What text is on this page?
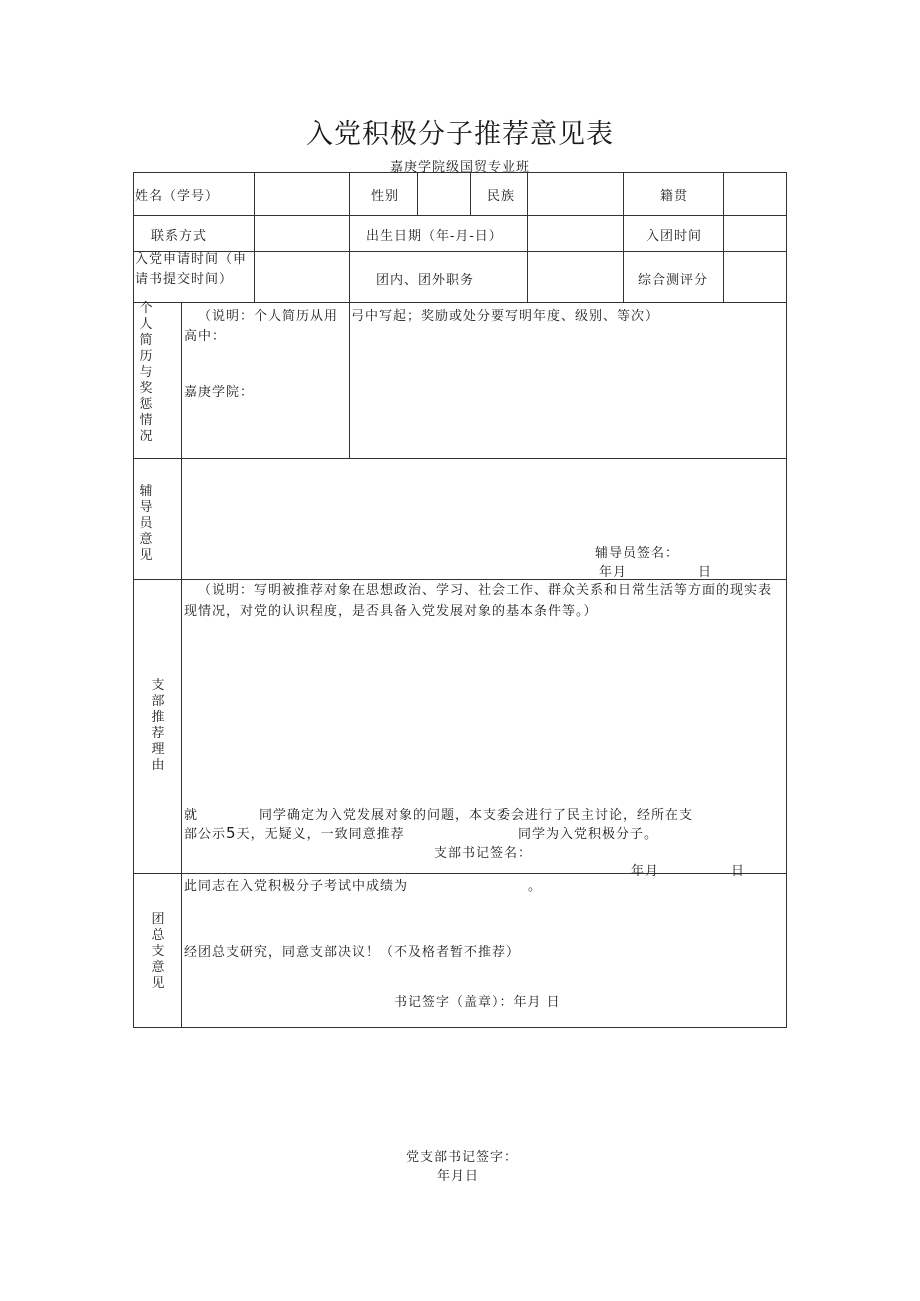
入党积极分子推荐意见表
嘉庚学院级国贸专业班
姓名（学号）	性别	民族	籍贯
联系方式	出生日期（年-月-日）	入团时间
入党申请时间（申请书提交时间）	团内、团外职务	综合测评分
个人简历与奖惩情况
（说明：个人简历从用 弓中写起；奖励或处分要写明年度、级别、等次）
高中：
嘉庚学院：
辅导员意见	辅导员签名：
年月	日
支部推荐理由
（说明：写明被推荐对象在思想政治、学习、社会工作、群众关系和日常生活等方面的现实表现情况，对党的认识程度，是否具备入党发展对象的基本条件等。）
就	同学确定为入党发展对象的问题，本支委会进行了民主讨论，经所在支
部公示5天，无疑义，一致同意推荐	同学为入党积极分子。
支部书记签名：
年月	日
团总支意见
此同志在入党积极分子考试中成绩为	。
经团总支研究，同意支部决议！（不及格者暂不推荐）
书记签字（盖章）：年月 日
党支部书记签字：
年月日
